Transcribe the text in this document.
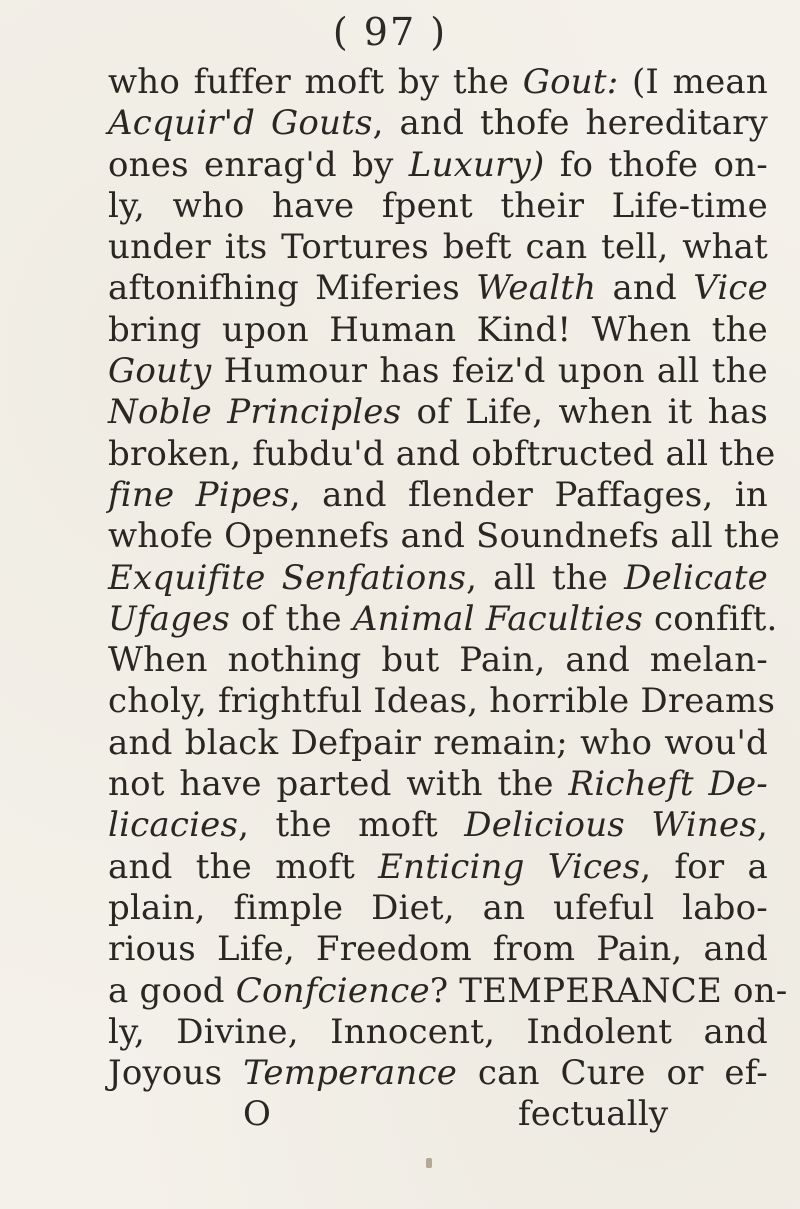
( 97 )
who fuffer moft by the Gout: (I mean
Acquir'd Gouts, and thofe hereditary
ones enrag'd by Luxury) fo thofe on-
ly, who have fpent their Life-time
under its Tortures beft can tell, what
aftonifhing Miferies Wealth and Vice
bring upon Human Kind! When the
Gouty Humour has feiz'd upon all the
Noble Principles of Life, when it has
broken, fubdu'd and obftructed all the
fine Pipes, and flender Paffages, in
whofe Opennefs and Soundnefs all the
Exquifite Senfations, all the Delicate
Ufages of the Animal Faculties confift.
When nothing but Pain, and melan-
choly, frightful Ideas, horrible Dreams
and black Defpair remain; who wou'd
not have parted with the Richeft De-
licacies, the moft Delicious Wines,
and the moft Enticing Vices, for a
plain, fimple Diet, an ufeful labo-
rious Life, Freedom from Pain, and
a good Confcience? TEMPERANCE on-
ly, Divine, Innocent, Indolent and
Joyous Temperance can Cure or ef-
O	fectually
